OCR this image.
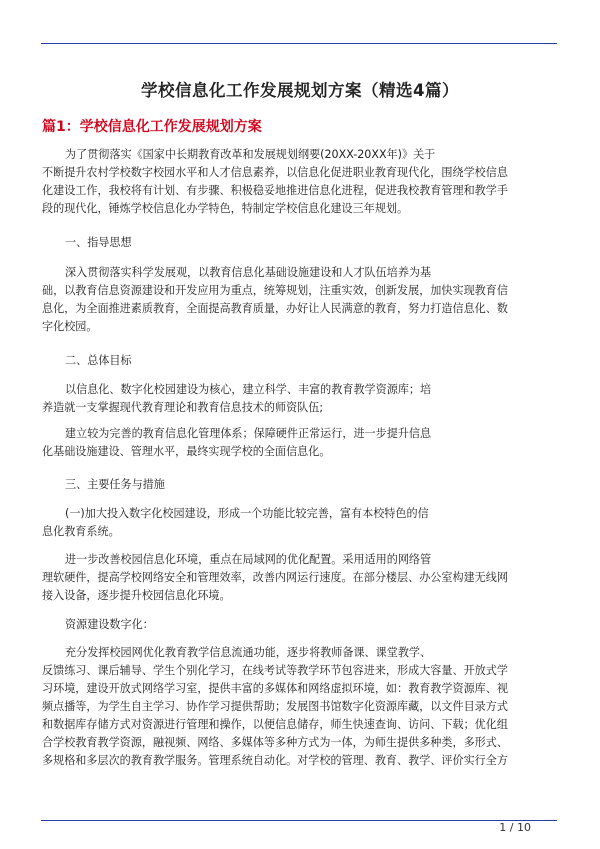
学校信息化工作发展规划方案（精选4篇）
篇1：学校信息化工作发展规划方案
为了贯彻落实《国家中长期教育改革和发展规划纲要(20XX-20XX年)》关于
不断提升农村学校数字校园水平和人才信息素养，以信息化促进职业教育现代化，围绕学校信息
化建设工作，我校将有计划、有步骤、积极稳妥地推进信息化进程，促进我校教育管理和教学手
段的现代化，锤炼学校信息化办学特色，特制定学校信息化建设三年规划。
一、指导思想
深入贯彻落实科学发展观，以教育信息化基础设施建设和人才队伍培养为基
础，以教育信息资源建设和开发应用为重点，统筹规划，注重实效，创新发展，加快实现教育信
息化，为全面推进素质教育，全面提高教育质量，办好让人民满意的教育，努力打造信息化、数
字化校园。
二、总体目标
以信息化、数字化校园建设为核心，建立科学、丰富的教育教学资源库；培
养造就一支掌握现代教育理论和教育信息技术的师资队伍;
建立较为完善的教育信息化管理体系；保障硬件正常运行，进一步提升信息
化基础设施建设、管理水平，最终实现学校的全面信息化。
三、主要任务与措施
(一)加大投入数字化校园建设，形成一个功能比较完善，富有本校特色的信
息化教育系统。
进一步改善校园信息化环境，重点在局域网的优化配置。采用适用的网络管
理软硬件，提高学校网络安全和管理效率，改善内网运行速度。在部分楼层、办公室构建无线网
接入设备，逐步提升校园信息化环境。
资源建设数字化：
充分发挥校园网优化教育教学信息流通功能，逐步将教师备课、课堂教学、
反馈练习、课后辅导、学生个别化学习，在线考试等教学环节包容进来，形成大容量、开放式学
习环境，建设开放式网络学习室，提供丰富的多媒体和网络虚拟环境，如：教育教学资源库、视
频点播等，为学生自主学习、协作学习提供帮助；发展图书馆数字化资源库藏，以文件目录方式
和数据库存储方式对资源进行管理和操作，以便信息储存，师生快速查询、访问、下载；优化组
合学校教育教学资源，融视频、网络、多媒体等多种方式为一体，为师生提供多种类，多形式、
多规格和多层次的教育教学服务。管理系统自动化。对学校的管理、教育、教学、评价实行全方
1 / 10
